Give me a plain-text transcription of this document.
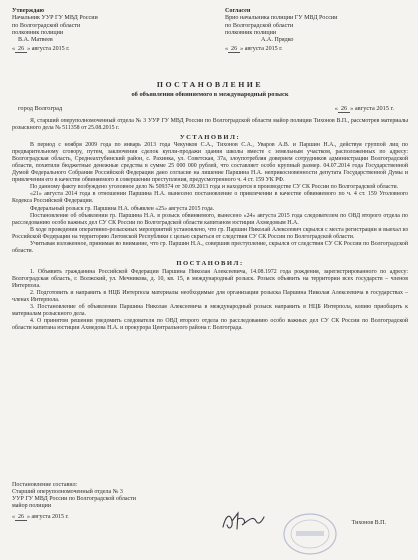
Утверждаю
Начальник УУР ГУ МВД России
по Волгоградской области
полковник полиции
В.А. Матвеев
« 26 » августа 2015 г.
Согласен
Врио начальника полиции ГУ МВД России
по Волгоградской области
полковник полиции
А.А. Прядко
« 26 » августа 2015 г.
ПОСТАНОВЛЕНИЕ
об объявлении обвиняемого в международный розыск
город Волгоград	« 26 » августа 2015 г.
Я, старший оперуполномоченный отдела № 3 УУР ГУ МВД России по Волгоградской области майор полиции Тихонов В.П., рассмотрев материалы розыскного дела № 511358 от 25.08.2015 г.
УСТАНОВИЛ:
В период с ноября 2009 года по январь 2013 года Чекунков С.А., Тихонов С.А., Уваров А.В. и Паршин Н.А., действуя группой лиц по предварительному сговору, путем, заключения сделок купли-продажи здания школы вместе с земельным участком, расположенных по адресу: Волгоградская область, Среднеахтубинский район, с. Рахинка, ул. Советская, 37а, злоупотребляя доверием сотрудников администрации Волгоградской области, похитили бюджетные денежные средства в сумме 25 000 000 рублей, что составляет особо крупный размер. 04.07.2014 года Государственной Думой Федерального Собрания Российской Федерации дано согласие на лишение Паршина Н.А. неприкосновенности депутата Государственной Думы и привлечения его в качестве обвиняемого в совершении преступления, предусмотренного ч. 4 ст. 159 УК РФ.
По данному факту возбуждено уголовное дело № 509374 от 30.09.2013 года и находится в производстве СУ СК России по Волгоградской области.
«21» августа 2014 года в отношении Паршина Н.А. вынесено постановление о привлечении в качестве обвиняемого по ч. 4 ст. 159 Уголовного Кодекса Российской Федерации.
Федеральный розыск гр. Паршина Н.А. объявлен «25» августа 2015 года.
Постановление об объявлении гр. Паршина Н.А. в розыск обвиняемого, вынесено «24» августа 2015 года следователем по ОВД второго отдела по расследованию особо важных дел СУ СК России по Волгоградской области капитаном юстиции Ахмедовым Н.А.
В ходе проведения оперативно-розыскных мероприятий установлено, что гр. Паршин Николай Алексеевич скрылся с места регистрации и выехал из Российской Федерации на территорию Литовской Республики с целью скрыться от следствия СУ СК России по Волгоградской области.
Учитывая изложенное, принимая во внимание, что гр. Паршин Н.А., совершив преступление, скрылся от следствия СУ СК России по Волгоградской области.
ПОСТАНОВИЛ:
1. Объявить гражданина Российской Федерации Паршина Николая Алексеевича, 14.08.1972 года рождения, зарегистрированного по адресу: Волгоградская область, г. Волжский, ул. Мечникова, д. 10, кв. 15, в международный розыск. Розыск объявить на территории всех государств – членов Интерпола.
2. Подготовить и направить в НЦБ Интерпола материалы необходимые для организации розыска Паршина Николая Алексеевича в государствах – членах Интерпола.
3. Постановление об объявлении Паршина Николая Алексеевича в международный розыск направить в НЦБ Интерпола, копию приобщить к материалам розыскного дела.
4. О принятом решении уведомить следователя по ОВД второго отдела по расследованию особо важных дел СУ СК России по Волгоградской области капитана юстиции Ахмедова Н.А. и прокурора Центрального района г. Волгограда.
Постановление составил:
Старший оперуполномоченный отдела № 3
УУР ГУ МВД России по Волгоградской области
майор полиции
Тихонов В.П.
« 26 » августа 2015 г.
